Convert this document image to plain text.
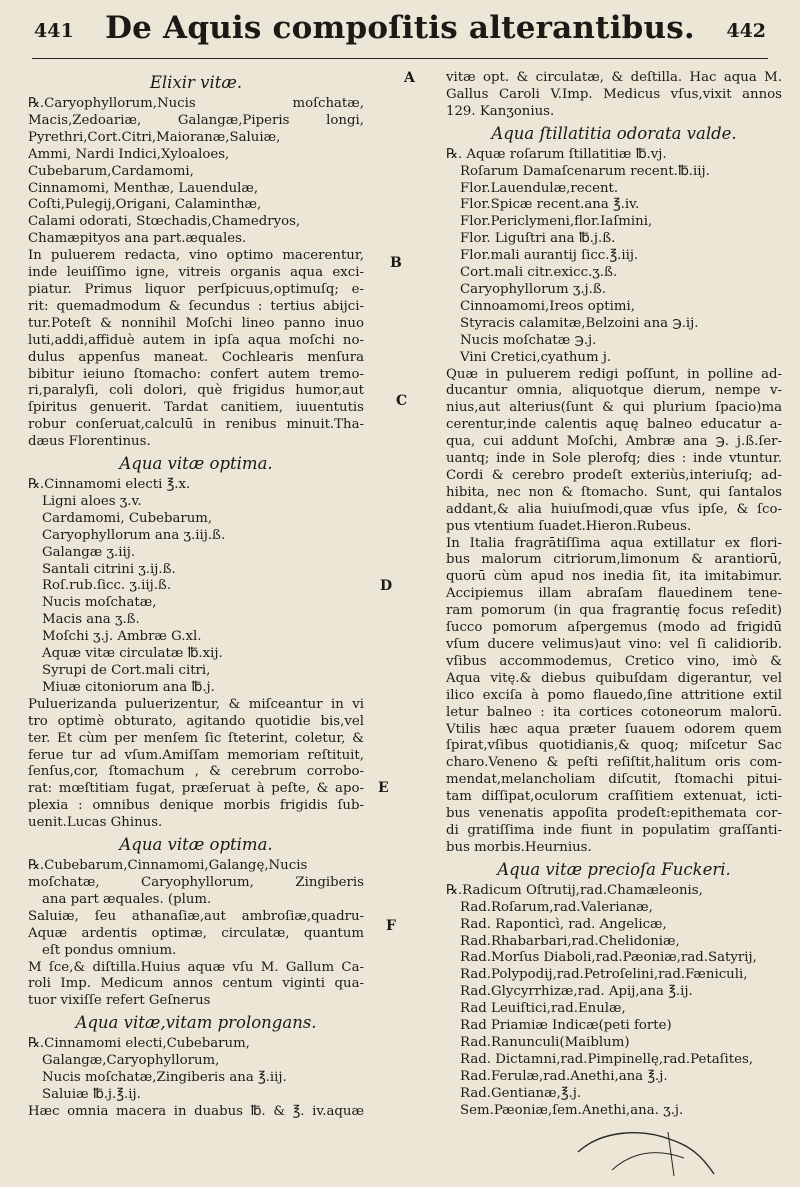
441	De Aquis compoſitis alterantibus.	442
Elixir vitæ.
℞.Caryophyllorum,Nucis moſchatæ,
Macis,Zedoariæ, Galangæ,Piperis longi,
Pyrethri,Cort.Citri,Maioranæ,Saluiæ,
Ammi, Nardi Indici,Xyloaloes,
Cubebarum,Cardamomi,
Cinnamomi, Menthæ, Lauendulæ,
Coſti,Pulegij,Origani, Calaminthæ,
Calami odorati, Stœchadis,Chamedryos,
Chamæpityos ana part.æquales.
In puluerem redacta, vino optimo macerentur,
inde leuiſſimo igne, vitreis organis aqua exci-
piatur. Primus liquor perſpicuus,optimuſq; e-
rit: quemadmodum & ſecundus : tertius abijci-
tur.Poteſt & nonnihil Moſchi lineo panno inuo
luti,addi,affiduè autem in ipſa aqua moſchi no-
dulus appenſus maneat. Cochlearis menſura
bibitur ieiuno ſtomacho: confert autem tremo-
ri,paralyſi, coli dolori, què frigidus humor,aut
ſpiritus genuerit. Tardat canitiem, iuuentutis
robur conſeruat,calculū in renibus minuit.Tha-
dæus Florentinus.
Aqua vitæ optima.
℞.Cinnamomi electi ℥.x.
Ligni aloes ʒ.v.
Cardamomi, Cubebarum,
Caryophyllorum ana ʒ.iij.ß.
Galangæ ʒ.iij.
Santali citrini ʒ.ij.ß.
Roſ.rub.ſicc. ʒ.iij.ß.
Nucis moſchatæ,
Macis ana ʒ.ß.
Moſchi ʒ.j. Ambræ G.xl.
Aquæ vitæ circulatæ ℔.xij.
Syrupi de Cort.mali citri,
Miuæ citoniorum ana ℔.j.
Puluerizanda puluerizentur, & miſceantur in vi
tro optimè obturato, agitando quotidie bis,vel
ter. Et cùm per menſem ſic ſteterint, coletur, &
ferue tur ad vſum.Amiſſam memoriam reſtituit,
ſenſus,cor, ſtomachum , & cerebrum corrobo-
rat: mœſtitiam fugat, præſeruat à peſte, & apo-
plexia : omnibus denique morbis frigidis ſub-
uenit.Lucas Ghinus.
Aqua vitæ optima.
℞.Cubebarum,Cinnamomi,Galangę,Nucis
moſchatæ, Caryophyllorum, Zingiberis
ana part æquales. (plum.
Saluiæ, ſeu athanaſiæ,aut ambroſiæ,quadru-
Aquæ ardentis optimæ, circulatæ, quantum
eſt pondus omnium.
M ſce,& diſtilla.Huius aquæ vſu M. Gallum Ca-
roli Imp. Medicum annos centum viginti qua-
tuor vixiſſe refert Geſnerus
Aqua vitæ,vitam prolongans.
℞.Cinnamomi electi,Cubebarum,
Galangæ,Caryophyllorum,
Nucis moſchatæ,Zingiberis ana ℥.iij.
Saluiæ ℔.j.℥.ij.
Hæc omnia macera in duabus ℔. & ℥. iv.aquæ
A
B
C
D
E
F
vitæ opt. & circulatæ, & deſtilla. Hac aqua M.
Gallus Caroli V.Imp. Medicus vſus,vixit annos
129. Kanʒonius.
Aqua ſtillatitia odorata valde.
℞. Aquæ roſarum ſtillatitiæ ℔.vj.
Roſarum Damaſcenarum recent.℔.iij.
Flor.Lauendulæ,recent.
Flor.Spicæ recent.ana ℥.iv.
Flor.Periclymeni,flor.Iaſmini,
Flor. Liguſtri ana ℔.j.ß.
Flor.mali aurantij ſicc.℥.iij.
Cort.mali citr.exicc.ʒ.ß.
Caryophyllorum ʒ.j.ß.
Cinnoamomi,Ireos optimi,
Styracis calamitæ,Belzoini ana ℈.ij.
Nucis moſchatæ ℈.j.
Vini Cretici,cyathum j.
Quæ in puluerem redigi poſſunt, in polline ad-
ducantur omnia, aliquotque dierum, nempe v-
nius,aut alterius(ſunt & qui plurium ſpacio)ma
cerentur,inde calentis aquę balneo educatur a-
qua, cui addunt Moſchi, Ambræ ana ℈. j.ß.ſer-
uantq; inde in Sole plerofq; dies : inde vtuntur.
Cordi & cerebro prodeſt exteriùs,interiuſq; ad-
hibita, nec non & ſtomacho. Sunt, qui ſantalos
addant,& alia huiuſmodi,quæ vſus ipſe, & ſco-
pus vtentium ſuadet.Hieron.Rubeus.
In Italia fragrātiſſima aqua extillatur ex flori-
bus malorum citriorum,limonum & arantiorū,
quorū cùm apud nos inedia ſit, ita imitabimur.
Accipiemus illam abraſam flauedinem tene-
ram pomorum (in qua fragrantię focus reſedit)
ſucco pomorum aſpergemus (modo ad frigidū
vſum ducere velimus)aut vino: vel ſi calidiorib.
vſibus accommodemus, Cretico vino, imò &
Aqua vitę.& diebus quibuſdam digerantur, vel
ilico exciſa à pomo flauedo,ſine attritione extil
letur balneo : ita cortices cotoneorum malorū.
Vtilis hæc aqua præter ſuauem odorem quem
ſpirat,vſibus quotidianis,& quoq; miſcetur Sac
charo.Veneno & peſti reſiſtit,halitum oris com-
mendat,melancholiam diſcutit, ſtomachi pitui-
tam diſſipat,oculorum craſſitiem extenuat, icti-
bus venenatis appoſita prodeſt:epithemata cor-
di gratiſſima inde fiunt in populatim graſſanti-
bus morbis.Heurnius.
Aqua vitæ precioſa Fuckeri.
℞.Radicum Oſtrutij,rad.Chamæleonis,
Rad.Roſarum,rad.Valerianæ,
Rad. Raponticì, rad. Angelicæ,
Rad.Rhabarbari,rad.Chelidoniæ,
Rad.Morſus Diaboli,rad.Pæoniæ,rad.Satyrij,
Rad.Polypodij,rad.Petroſelini,rad.Fæniculi,
Rad.Glycyrrhizæ,rad. Apij,ana ℥.ij.
Rad Leuiſtici,rad.Enulæ,
Rad Priamiæ Indicæ(peti forte)
Rad.Ranunculi(Maiblum)
Rad. Dictamni,rad.Pimpinellę,rad.Petaſites,
Rad.Ferulæ,rad.Anethi,ana ℥.j.
Rad.Gentianæ,℥.j.
Sem.Pæoniæ,ſem.Anethi,ana. ʒ.j.
